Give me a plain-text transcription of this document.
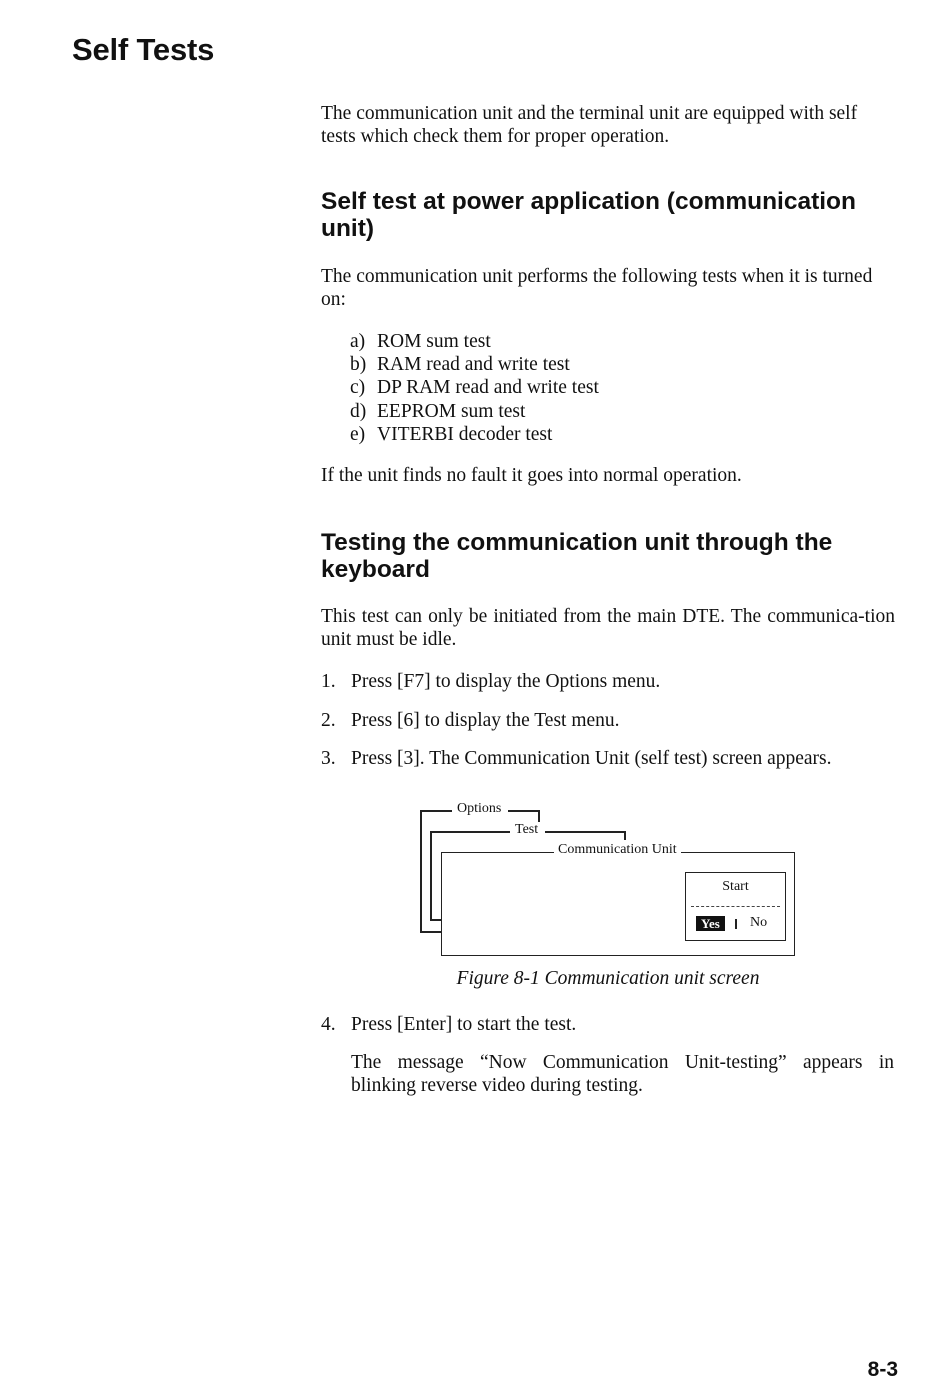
Self Tests

The communication unit and the terminal unit are equipped with self tests which check them for proper operation.

Self test at power application (communication unit)

The communication unit performs the following tests when it is turned on:

a) ROM sum test
b) RAM read and write test
c) DP RAM read and write test
d) EEPROM sum test
e) VITERBI decoder test

If the unit finds no fault it goes into normal operation.

Testing the communication unit through the keyboard

This test can only be initiated from the main DTE. The communica-tion unit must be idle.

1. Press [F7] to display the Options menu.
2. Press [6] to display the Test menu.
3. Press [3]. The Communication Unit (self test) screen appears.
Options
Test
Start
Yes	No
Communication Unit
Figure 8-1 Communication unit screen
4. Press [Enter] to start the test.

The message “Now Communication Unit-testing” appears in blinking reverse video during testing.

8-3
